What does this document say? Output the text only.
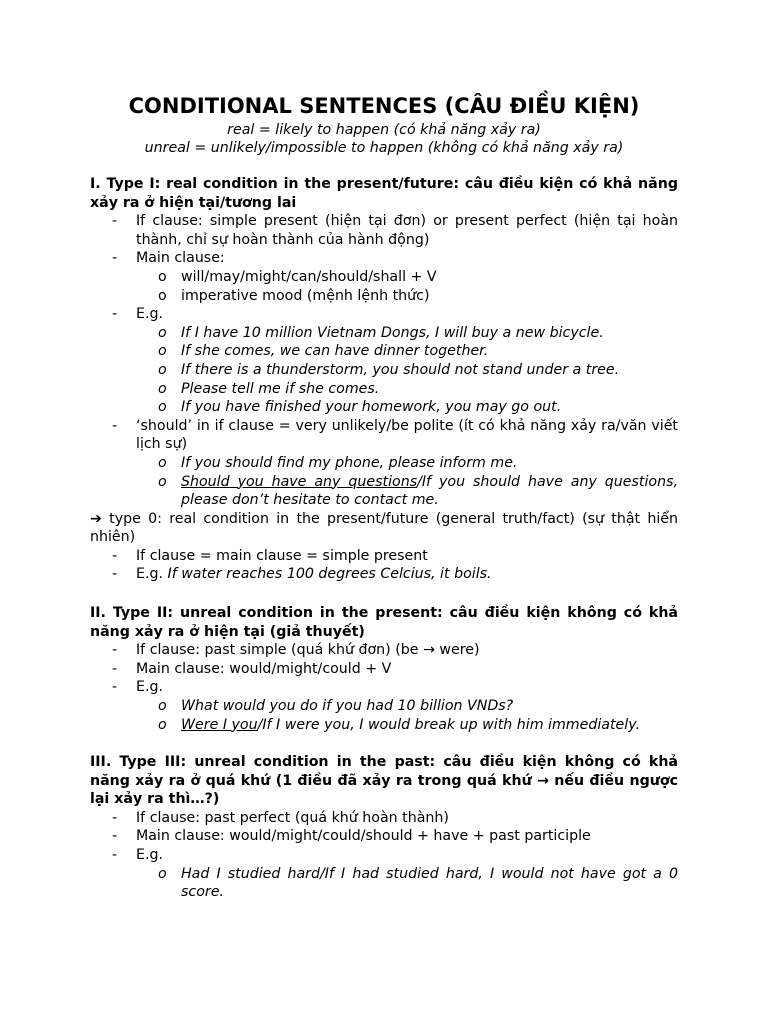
CONDITIONAL SENTENCES (CÂU ĐIỀU KIỆN)
real = likely to happen (có khả năng xảy ra)
unreal = unlikely/impossible to happen (không có khả năng xảy ra)
I. Type I: real condition in the present/future: câu điều kiện có khả năng xảy ra ở hiện tại/tương lai
- If clause: simple present (hiện tại đơn) or present perfect (hiện tại hoàn thành, chỉ sự hoàn thành của hành động)
- Main clause:
o will/may/might/can/should/shall + V
o imperative mood (mệnh lệnh thức)
- E.g.
o If I have 10 million Vietnam Dongs, I will buy a new bicycle.
o If she comes, we can have dinner together.
o If there is a thunderstorm, you should not stand under a tree.
o Please tell me if she comes.
o If you have finished your homework, you may go out.
- ‘should’ in if clause = very unlikely/be polite (ít có khả năng xảy ra/văn viết lịch sự)
o If you should find my phone, please inform me.
o Should you have any questions/If you should have any questions, please don’t hesitate to contact me.
➔ type 0: real condition in the present/future (general truth/fact) (sự thật hiển nhiên)
- If clause = main clause = simple present
- E.g. If water reaches 100 degrees Celcius, it boils.
II. Type II: unreal condition in the present: câu điều kiện không có khả năng xảy ra ở hiện tại (giả thuyết)
- If clause: past simple (quá khứ đơn) (be → were)
- Main clause: would/might/could + V
- E.g.
o What would you do if you had 10 billion VNDs?
o Were I you/If I were you, I would break up with him immediately.
III. Type III: unreal condition in the past: câu điều kiện không có khả năng xảy ra ở quá khứ (1 điều đã xảy ra trong quá khứ → nếu điều ngược lại xảy ra thì…?)
- If clause: past perfect (quá khứ hoàn thành)
- Main clause: would/might/could/should + have + past participle
- E.g.
o Had I studied hard/If I had studied hard, I would not have got a 0 score.
